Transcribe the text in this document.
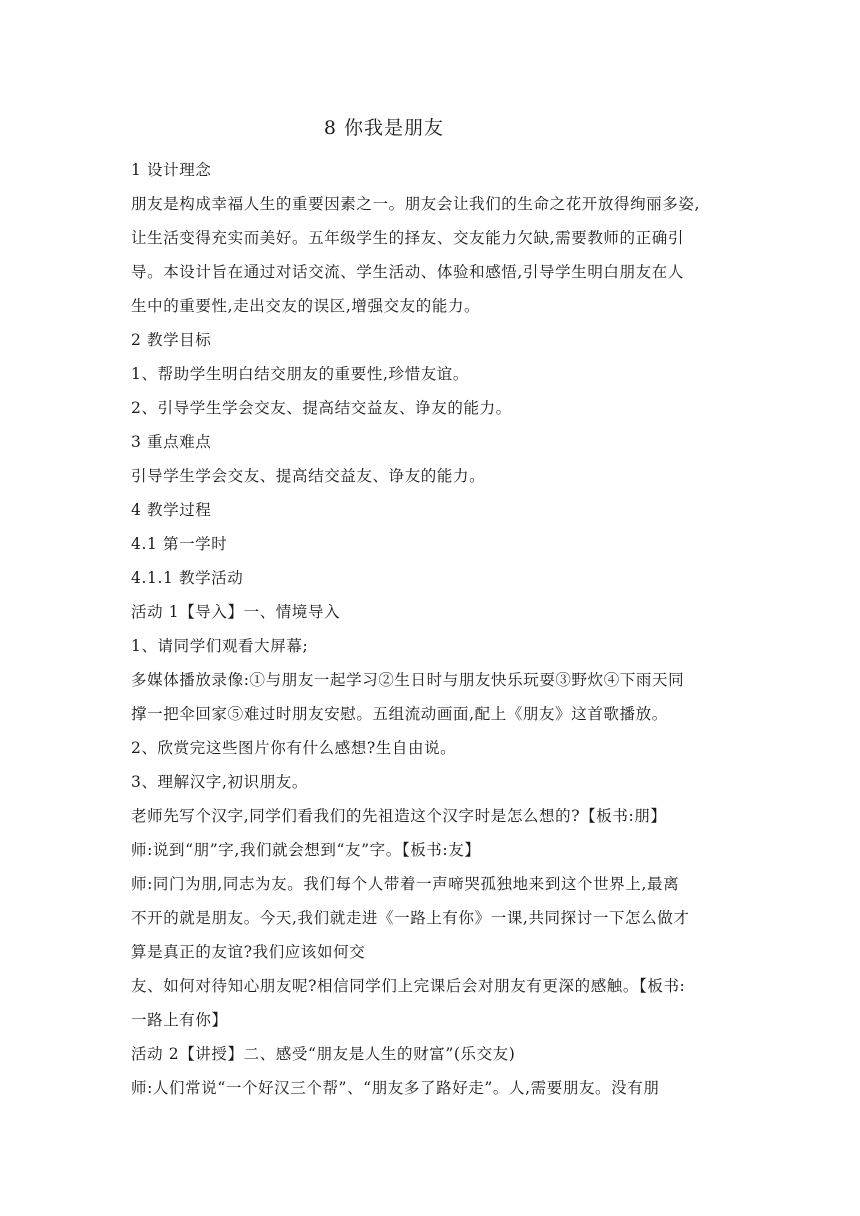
8 你我是朋友
1 设计理念
朋友是构成幸福人生的重要因素之一。朋友会让我们的生命之花开放得绚丽多姿,
让生活变得充实而美好。五年级学生的择友、交友能力欠缺,需要教师的正确引
导。本设计旨在通过对话交流、学生活动、体验和感悟,引导学生明白朋友在人
生中的重要性,走出交友的误区,增强交友的能力。
2 教学目标
1、帮助学生明白结交朋友的重要性,珍惜友谊。
2、引导学生学会交友、提高结交益友、诤友的能力。
3 重点难点
引导学生学会交友、提高结交益友、诤友的能力。
4 教学过程
4.1 第一学时
4.1.1 教学活动
活动 1【导入】一、情境导入
1、请同学们观看大屏幕;
多媒体播放录像:①与朋友一起学习②生日时与朋友快乐玩耍③野炊④下雨天同
撑一把伞回家⑤难过时朋友安慰。五组流动画面,配上《朋友》这首歌播放。
2、欣赏完这些图片你有什么感想?生自由说。
3、理解汉字,初识朋友。
老师先写个汉字,同学们看我们的先祖造这个汉字时是怎么想的?【板书:朋】
师:说到“朋”字,我们就会想到“友”字。【板书:友】
师:同门为朋,同志为友。我们每个人带着一声啼哭孤独地来到这个世界上,最离
不开的就是朋友。今天,我们就走进《一路上有你》一课,共同探讨一下怎么做才
算是真正的友谊?我们应该如何交
友、如何对待知心朋友呢?相信同学们上完课后会对朋友有更深的感触。【板书:
一路上有你】
活动 2【讲授】二、感受“朋友是人生的财富”(乐交友)
师:人们常说“一个好汉三个帮”、“朋友多了路好走”。人,需要朋友。没有朋
